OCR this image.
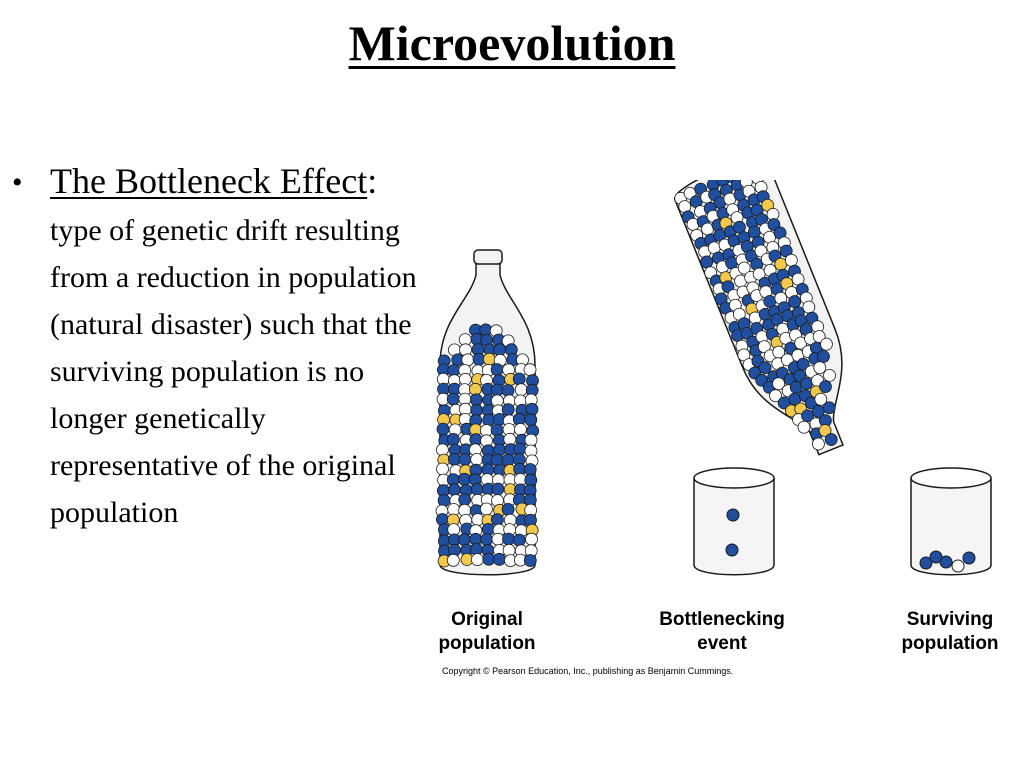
Microevolution
• The Bottleneck Effect: type of genetic drift resulting from a reduction in population (natural disaster) such that the surviving population is no longer genetically representative of the original population
Original
population
Bottlenecking
event
Surviving
population
Copyright © Pearson Education, Inc., publishing as Benjamin Cummings.
